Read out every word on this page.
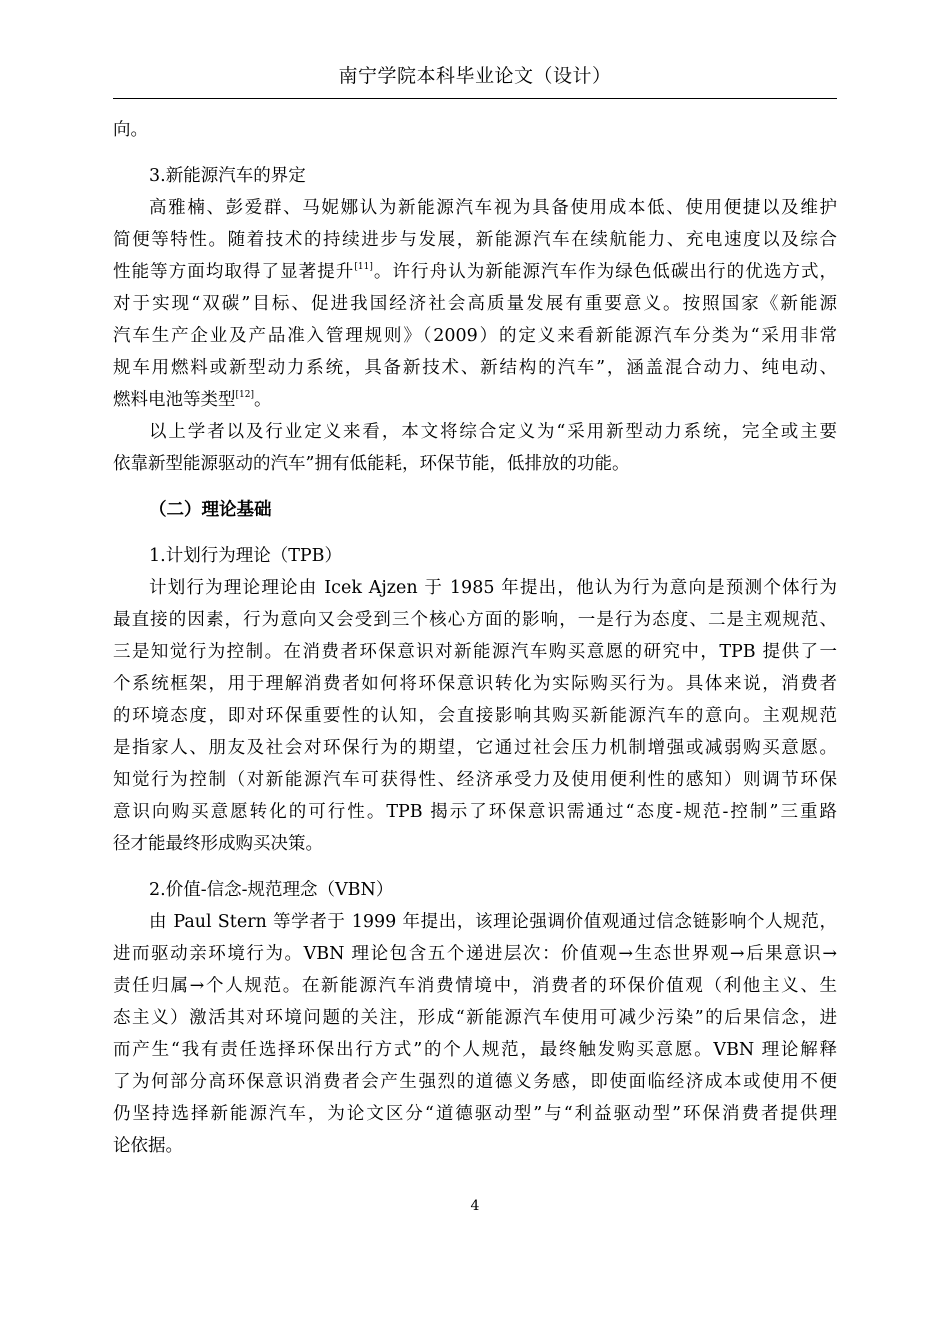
南宁学院本科毕业论文（设计）
向。
3.新能源汽车的界定
高雅楠、彭爱群、马妮娜认为新能源汽车视为具备使用成本低、使用便捷以及维护
简便等特性。随着技术的持续进步与发展，新能源汽车在续航能力、充电速度以及综合
性能等方面均取得了显著提升[11]。许行舟认为新能源汽车作为绿色低碳出行的优选方式，
对于实现“双碳”目标、促进我国经济社会高质量发展有重要意义。按照国家《新能源
汽车生产企业及产品准入管理规则》（2009）的定义来看新能源汽车分类为“采用非常
规车用燃料或新型动力系统，具备新技术、新结构的汽车”，涵盖混合动力、纯电动、
燃料电池等类型[12]。
以上学者以及行业定义来看，本文将综合定义为“采用新型动力系统，完全或主要
依靠新型能源驱动的汽车”拥有低能耗，环保节能，低排放的功能。
（二）理论基础
1.计划行为理论（TPB）
计划行为理论理论由 Icek Ajzen 于 1985 年提出，他认为行为意向是预测个体行为
最直接的因素，行为意向又会受到三个核心方面的影响，一是行为态度、二是主观规范、
三是知觉行为控制。在消费者环保意识对新能源汽车购买意愿的研究中，TPB 提供了一
个系统框架，用于理解消费者如何将环保意识转化为实际购买行为。具体来说，消费者
的环境态度，即对环保重要性的认知，会直接影响其购买新能源汽车的意向。主观规范
是指家人、朋友及社会对环保行为的期望，它通过社会压力机制增强或减弱购买意愿。
知觉行为控制（对新能源汽车可获得性、经济承受力及使用便利性的感知）则调节环保
意识向购买意愿转化的可行性。TPB 揭示了环保意识需通过“态度-规范-控制”三重路
径才能最终形成购买决策。
2.价值-信念-规范理念（VBN）
由 Paul Stern 等学者于 1999 年提出，该理论强调价值观通过信念链影响个人规范，
进而驱动亲环境行为。VBN 理论包含五个递进层次：价值观→生态世界观→后果意识→
责任归属→个人规范。在新能源汽车消费情境中，消费者的环保价值观（利他主义、生
态主义）激活其对环境问题的关注，形成“新能源汽车使用可减少污染”的后果信念，进
而产生“我有责任选择环保出行方式”的个人规范，最终触发购买意愿。VBN 理论解释
了为何部分高环保意识消费者会产生强烈的道德义务感，即使面临经济成本或使用不便
仍坚持选择新能源汽车，为论文区分“道德驱动型”与“利益驱动型”环保消费者提供理
论依据。
4
